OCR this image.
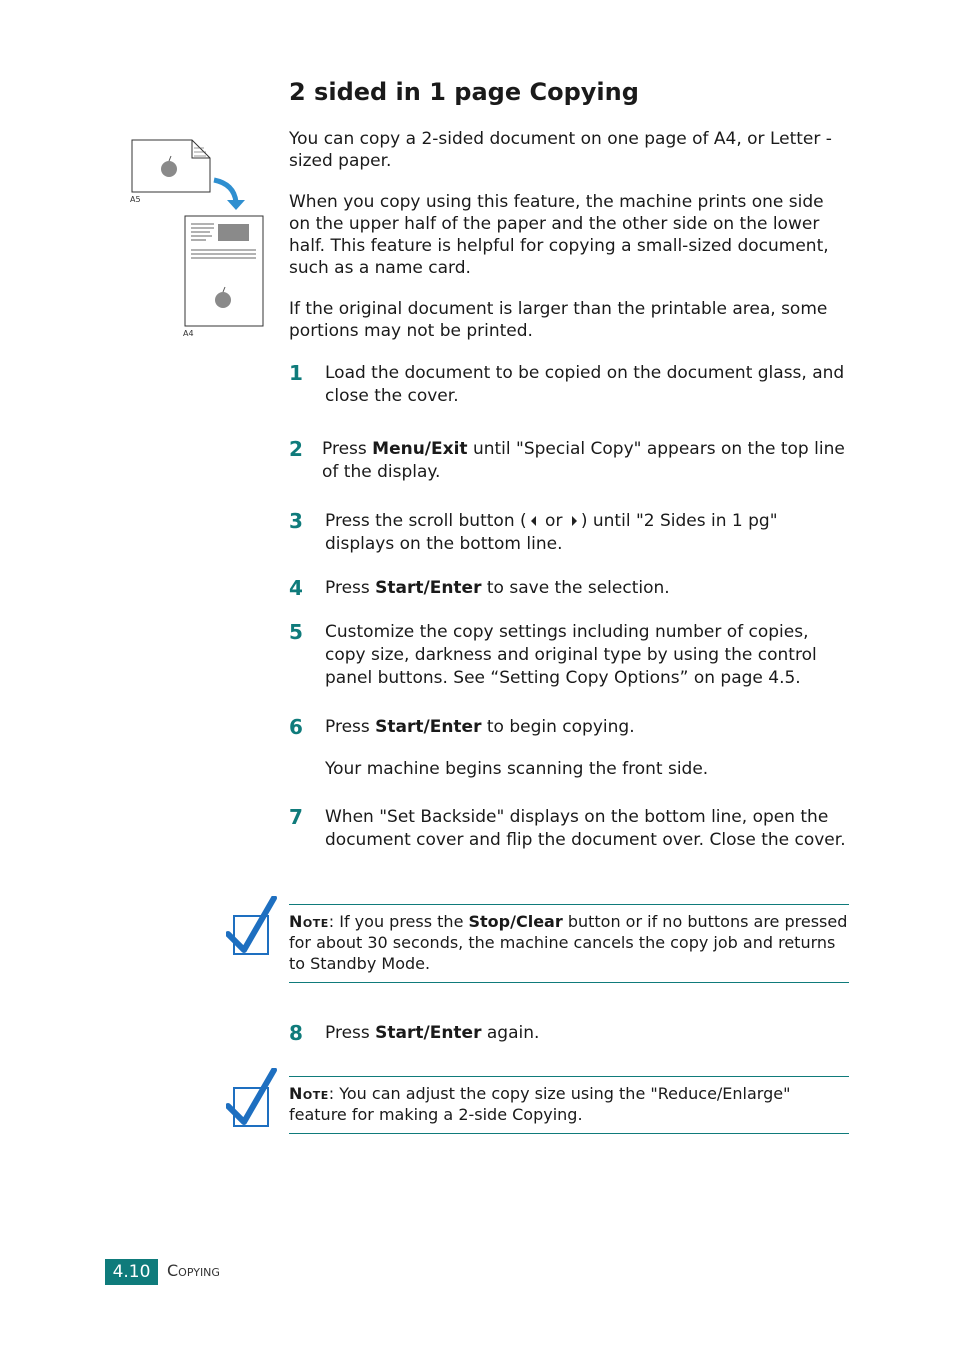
2 sided in 1 page Copying
A5
A4

You can copy a 2-sided document on one page of A4, or Letter -sized paper.

When you copy using this feature, the machine prints one side on the upper half of the paper and the other side on the lower half. This feature is helpful for copying a small-sized document, such as a name card.

If the original document is larger than the printable area, some portions may not be printed.

1 Load the document to be copied on the document glass, and close the cover.

2 Press Menu/Exit until "Special Copy" appears on the top line of the display.

3 Press the scroll button ( or ) until "2 Sides in 1 pg" displays on the bottom line.

4 Press Start/Enter to save the selection.

5 Customize the copy settings including number of copies, copy size, darkness and original type by using the control panel buttons. See “Setting Copy Options” on page 4.5.

6 Press Start/Enter to begin copying.

Your machine begins scanning the front side.

7 When "Set Backside" displays on the bottom line, open the document cover and flip the document over. Close the cover.

Note: If you press the Stop/Clear button or if no buttons are pressed for about 30 seconds, the machine cancels the copy job and returns to Standby Mode.

8 Press Start/Enter again.

Note: You can adjust the copy size using the "Reduce/Enlarge" feature for making a 2-side Copying.

4.10	Copying
